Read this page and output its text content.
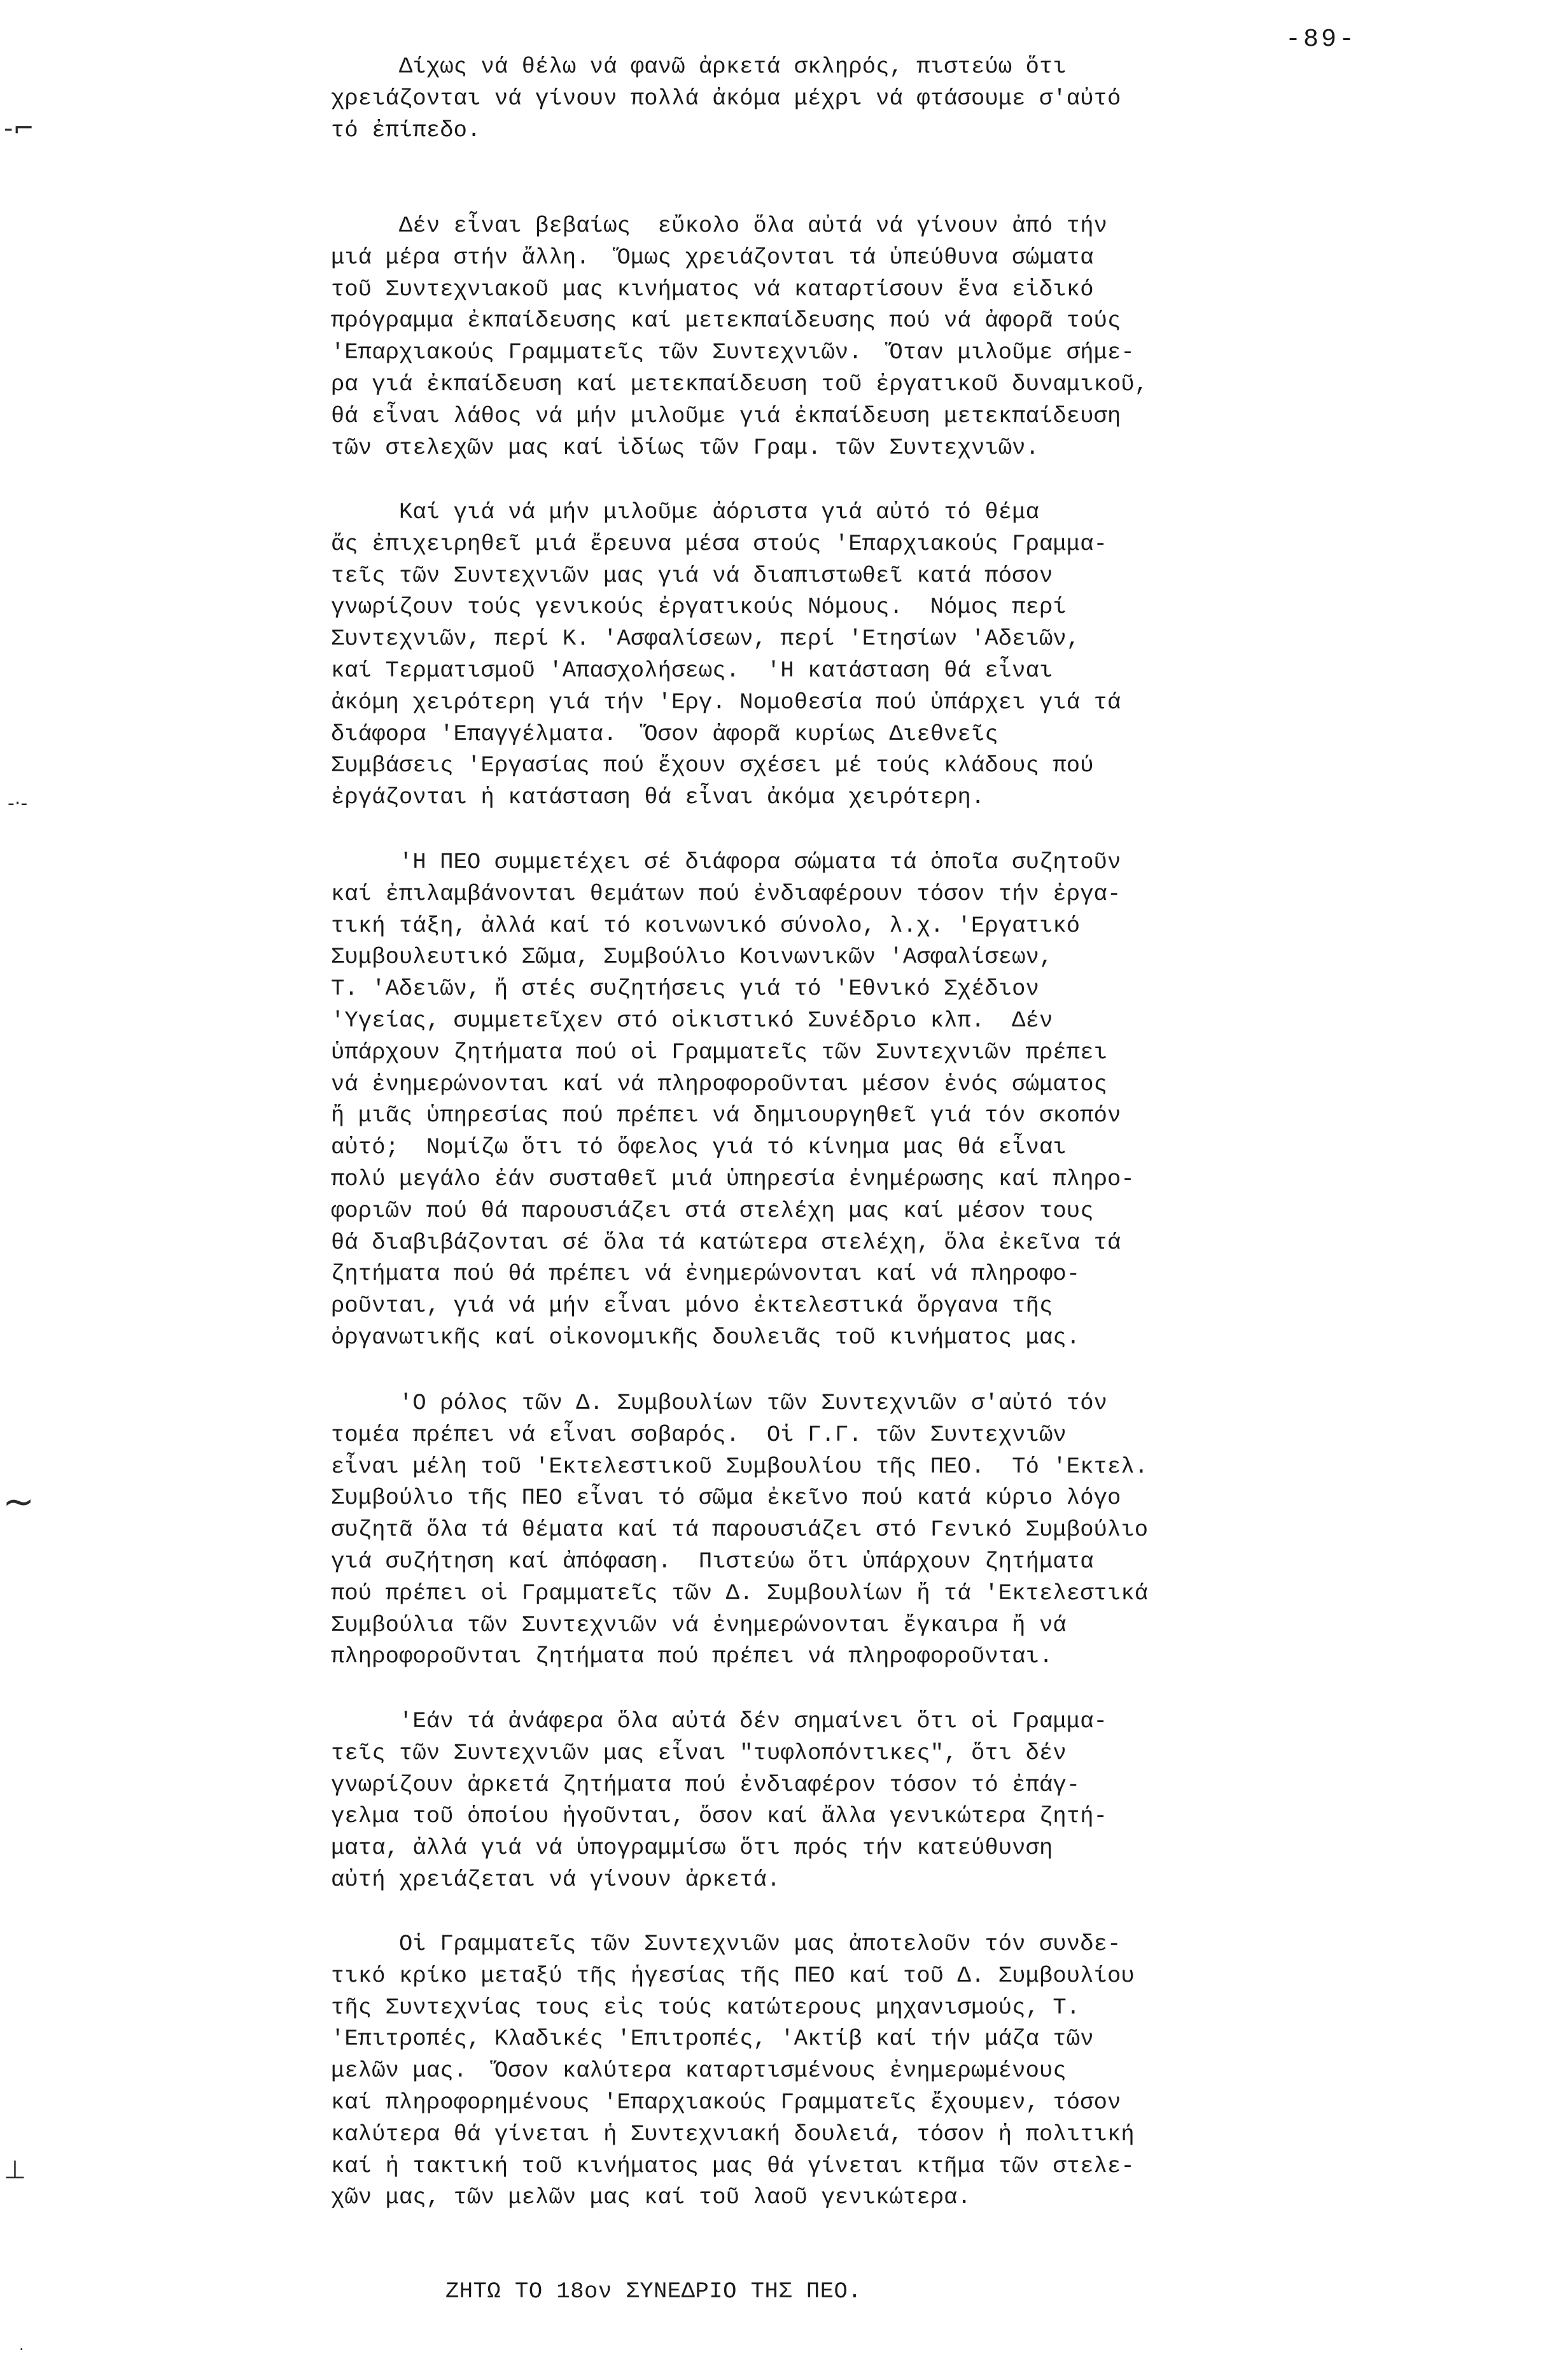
-89-
Δίχως νά θέλω νά φανῶ ἀρκετά σκληρός, πιστεύω ὅτι
χρειάζονται νά γίνουν πολλά ἀκόμα μέχρι νά φτάσουμε σ'αὐτό
τό ἐπίπεδο.
Δέν εἶναι βεβαίως  εὔκολο ὅλα αὐτά νά γίνουν ἀπό τήν
μιά μέρα στήν ἄλλη.  Ὅμως χρειάζονται τά ὑπεύθυνα σώματα
τοῦ Συντεχνιακοῦ μας κινήματος νά καταρτίσουν ἕνα εἰδικό
πρόγραμμα ἐκπαίδευσης καί μετεκπαίδευσης πού νά ἀφορᾶ τούς
'Επαρχιακούς Γραμματεῖς τῶν Συντεχνιῶν.  Ὅταν μιλοῦμε σήμε-
ρα γιά ἐκπαίδευση καί μετεκπαίδευση τοῦ ἐργατικοῦ δυναμικοῦ,
θά εἶναι λάθος νά μήν μιλοῦμε γιά ἐκπαίδευση μετεκπαίδευση
τῶν στελεχῶν μας καί ἰδίως τῶν Γραμ. τῶν Συντεχνιῶν.
Καί γιά νά μήν μιλοῦμε ἀόριστα γιά αὐτό τό θέμα
ἄς ἐπιχειρηθεῖ μιά ἔρευνα μέσα στούς 'Επαρχιακούς Γραμμα-
τεῖς τῶν Συντεχνιῶν μας γιά νά διαπιστωθεῖ κατά πόσον
γνωρίζουν τούς γενικούς ἐργατικούς Νόμους.  Νόμος περί
Συντεχνιῶν, περί Κ. 'Ασφαλίσεων, περί 'Ετησίων 'Αδειῶν,
καί Τερματισμοῦ 'Απασχολήσεως.  'Η κατάσταση θά εἶναι
ἀκόμη χειρότερη γιά τήν 'Εργ. Νομοθεσία πού ὑπάρχει γιά τά
διάφορα 'Επαγγέλματα.  Ὅσον ἀφορᾶ κυρίως Διεθνεῖς
Συμβάσεις 'Εργασίας πού ἔχουν σχέσει μέ τούς κλάδους πού
ἐργάζονται ἡ κατάσταση θά εἶναι ἀκόμα χειρότερη.
'Η ΠΕΟ συμμετέχει σέ διάφορα σώματα τά ὁποῖα συζητοῦν
καί ἐπιλαμβάνονται θεμάτων πού ἐνδιαφέρουν τόσον τήν ἐργα-
τική τάξη, ἀλλά καί τό κοινωνικό σύνολο, λ.χ. 'Εργατικό
Συμβουλευτικό Σῶμα, Συμβούλιο Κοινωνικῶν 'Ασφαλίσεων,
Τ. 'Αδειῶν, ἤ στές συζητήσεις γιά τό 'Εθνικό Σχέδιον
'Υγείας, συμμετεῖχεν στό οἰκιστικό Συνέδριο κλπ.  Δέν
ὑπάρχουν ζητήματα πού οἱ Γραμματεῖς τῶν Συντεχνιῶν πρέπει
νά ἐνημερώνονται καί νά πληροφοροῦνται μέσον ἑνός σώματος
ἤ μιᾶς ὑπηρεσίας πού πρέπει νά δημιουργηθεῖ γιά τόν σκοπόν
αὐτό;  Νομίζω ὅτι τό ὄφελος γιά τό κίνημα μας θά εἶναι
πολύ μεγάλο ἐάν συσταθεῖ μιά ὑπηρεσία ἐνημέρωσης καί πληρο-
φοριῶν πού θά παρουσιάζει στά στελέχη μας καί μέσον τους
θά διαβιβάζονται σέ ὅλα τά κατώτερα στελέχη, ὅλα ἐκεῖνα τά
ζητήματα πού θά πρέπει νά ἐνημερώνονται καί νά πληροφο-
ροῦνται, γιά νά μήν εἶναι μόνο ἐκτελεστικά ὄργανα τῆς
ὀργανωτικῆς καί οἰκονομικῆς δουλειᾶς τοῦ κινήματος μας.
'Ο ρόλος τῶν Δ. Συμβουλίων τῶν Συντεχνιῶν σ'αὐτό τόν
τομέα πρέπει νά εἶναι σοβαρός.  Οἱ Γ.Γ. τῶν Συντεχνιῶν
εἶναι μέλη τοῦ 'Εκτελεστικοῦ Συμβουλίου τῆς ΠΕΟ.  Τό 'Εκτελ.
Συμβούλιο τῆς ΠΕΟ εἶναι τό σῶμα ἐκεῖνο πού κατά κύριο λόγο
συζητᾶ ὅλα τά θέματα καί τά παρουσιάζει στό Γενικό Συμβούλιο
γιά συζήτηση καί ἀπόφαση.  Πιστεύω ὅτι ὑπάρχουν ζητήματα
πού πρέπει οἱ Γραμματεῖς τῶν Δ. Συμβουλίων ἤ τά 'Εκτελεστικά
Συμβούλια τῶν Συντεχνιῶν νά ἐνημερώνονται ἔγκαιρα ἤ νά
πληροφοροῦνται ζητήματα πού πρέπει νά πληροφοροῦνται.
'Εάν τά ἀνάφερα ὅλα αὐτά δέν σημαίνει ὅτι οἱ Γραμμα-
τεῖς τῶν Συντεχνιῶν μας εἶναι "τυφλοπόντικες", ὅτι δέν
γνωρίζουν ἀρκετά ζητήματα πού ἐνδιαφέρον τόσον τό ἐπάγ-
γελμα τοῦ ὁποίου ἡγοῦνται, ὅσον καί ἄλλα γενικώτερα ζητή-
ματα, ἀλλά γιά νά ὑπογραμμίσω ὅτι πρός τήν κατεύθυνση
αὐτή χρειάζεται νά γίνουν ἀρκετά.
Οἱ Γραμματεῖς τῶν Συντεχνιῶν μας ἀποτελοῦν τόν συνδε-
τικό κρίκο μεταξύ τῆς ἡγεσίας τῆς ΠΕΟ καί τοῦ Δ. Συμβουλίου
τῆς Συντεχνίας τους εἰς τούς κατώτερους μηχανισμούς, Τ.
'Επιτροπές, Κλαδικές 'Επιτροπές, 'Ακτίβ καί τήν μάζα τῶν
μελῶν μας.  Ὅσον καλύτερα καταρτισμένους ἐνημερωμένους
καί πληροφορημένους 'Επαρχιακούς Γραμματεῖς ἔχουμεν, τόσον
καλύτερα θά γίνεται ἡ Συντεχνιακή δουλειά, τόσον ἡ πολιτική
καί ἡ τακτική τοῦ κινήματος μας θά γίνεται κτῆμα τῶν στελε-
χῶν μας, τῶν μελῶν μας καί τοῦ λαοῦ γενικώτερα.
ΖΗΤΩ ΤΟ 18ον ΣΥΝΕΔΡΙΟ ΤΗΣ ΠΕΟ.
-⌐
-·-
~
⊥
·
